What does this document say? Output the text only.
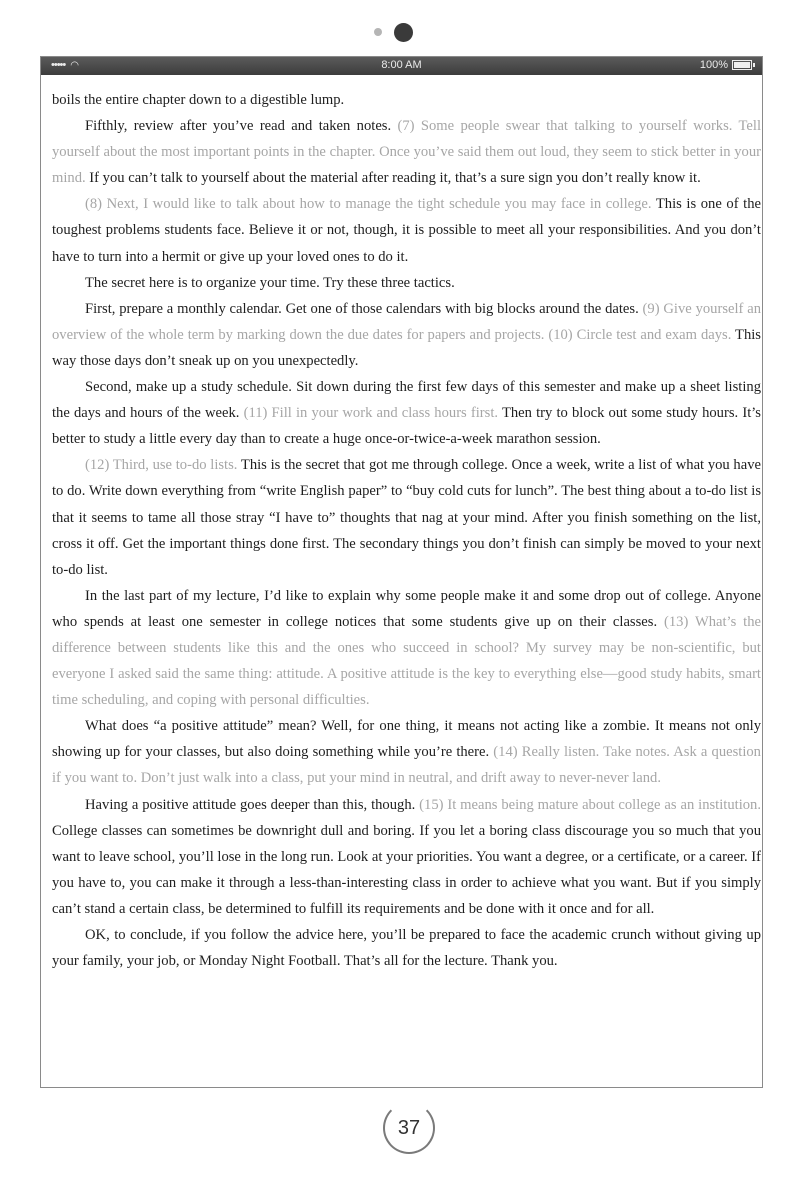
••••• ◠	8:00 AM	100%

boils the entire chapter down to a digestible lump.

Fifthly, review after you’ve read and taken notes. (7) Some people swear that talking to yourself works. Tell yourself about the most important points in the chapter. Once you’ve said them out loud, they seem to stick better in your mind. If you can’t talk to yourself about the material after reading it, that’s a sure sign you don’t really know it.

(8) Next, I would like to talk about how to manage the tight schedule you may face in college. This is one of the toughest problems students face. Believe it or not, though, it is possible to meet all your responsibilities. And you don’t have to turn into a hermit or give up your loved ones to do it.

The secret here is to organize your time. Try these three tactics.

First, prepare a monthly calendar. Get one of those calendars with big blocks around the dates. (9) Give yourself an overview of the whole term by marking down the due dates for papers and projects. (10) Circle test and exam days. This way those days don’t sneak up on you unexpectedly.

Second, make up a study schedule. Sit down during the first few days of this semester and make up a sheet listing the days and hours of the week. (11) Fill in your work and class hours first. Then try to block out some study hours. It’s better to study a little every day than to create a huge once-or-twice-a-week marathon session.

(12) Third, use to-do lists. This is the secret that got me through college. Once a week, write a list of what you have to do. Write down everything from “write English paper” to “buy cold cuts for lunch”. The best thing about a to-do list is that it seems to tame all those stray “I have to” thoughts that nag at your mind. After you finish something on the list, cross it off. Get the important things done first. The secondary things you don’t finish can simply be moved to your next to-do list.

In the last part of my lecture, I’d like to explain why some people make it and some drop out of college. Anyone who spends at least one semester in college notices that some students give up on their classes. (13) What’s the difference between students like this and the ones who succeed in school? My survey may be non-scientific, but everyone I asked said the same thing: attitude. A positive attitude is the key to everything else—good study habits, smart time scheduling, and coping with personal difficulties.

What does “a positive attitude” mean? Well, for one thing, it means not acting like a zombie. It means not only showing up for your classes, but also doing something while you’re there. (14) Really listen. Take notes. Ask a question if you want to. Don’t just walk into a class, put your mind in neutral, and drift away to never-never land.

Having a positive attitude goes deeper than this, though. (15) It means being mature about college as an institution. College classes can sometimes be downright dull and boring. If you let a boring class discourage you so much that you want to leave school, you’ll lose in the long run. Look at your priorities. You want a degree, or a certificate, or a career. If you have to, you can make it through a less-than-interesting class in order to achieve what you want. But if you simply can’t stand a certain class, be determined to fulfill its requirements and be done with it once and for all.

OK, to conclude, if you follow the advice here, you’ll be prepared to face the academic crunch without giving up your family, your job, or Monday Night Football. That’s all for the lecture. Thank you.

37
